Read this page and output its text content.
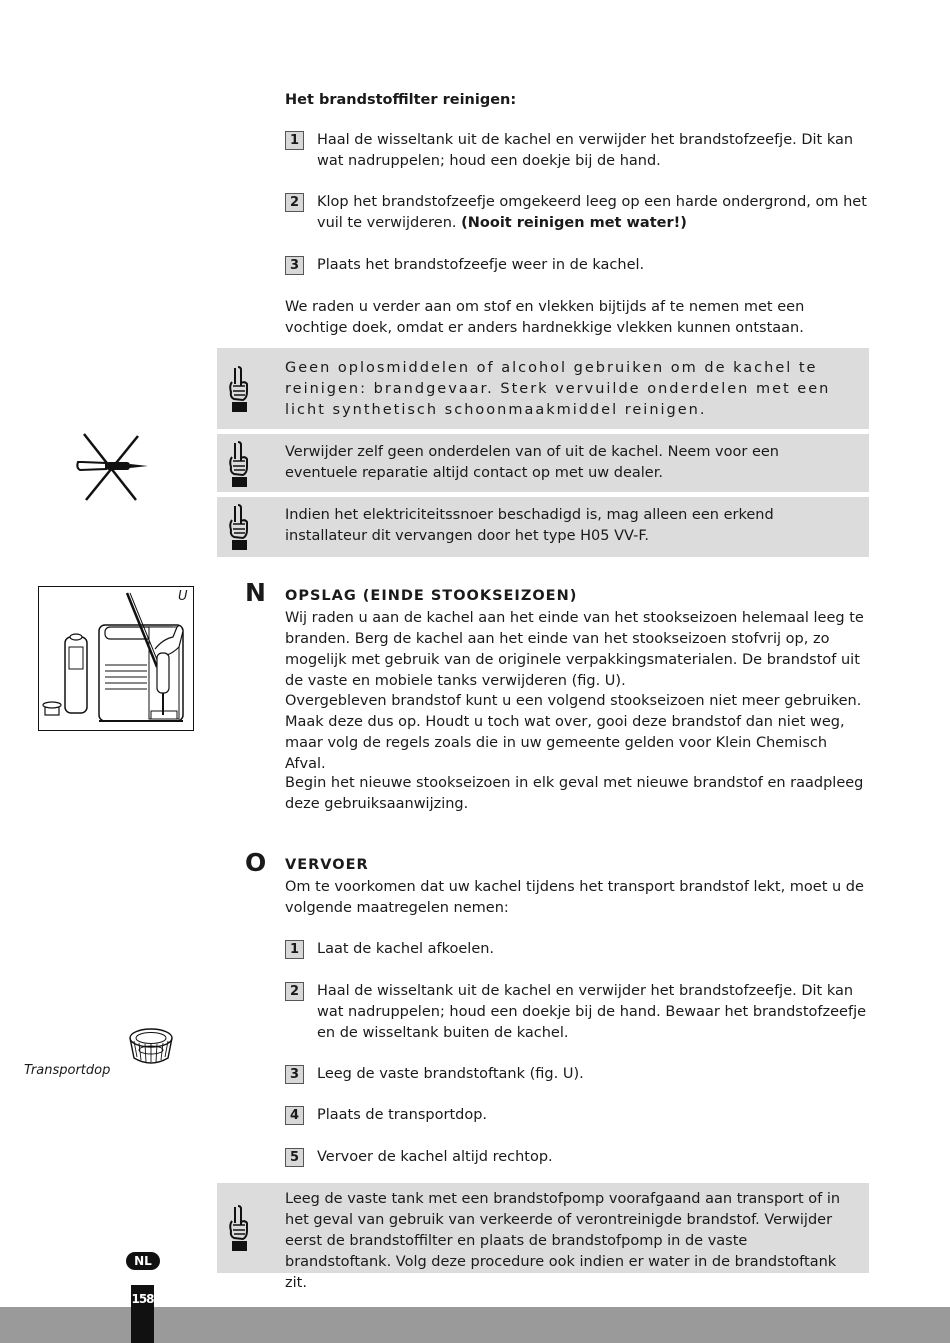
Het brandstoffilter reinigen:
1	Haal de wisseltank uit de kachel en verwijder het brandstofzeefje. Dit kan wat nadruppelen; houd een doekje bij de hand.
2	Klop het brandstofzeefje omgekeerd leeg op een harde ondergrond, om het vuil te verwijderen. (Nooit reinigen met water!)
3	Plaats het brandstofzeefje weer in de kachel.
We raden u verder aan om stof en vlekken bijtijds af te nemen met een vochtige doek, omdat er anders hardnekkige vlekken kunnen ontstaan.
Geen oplosmiddelen of alcohol gebruiken om de kachel te reinigen: brandgevaar. Sterk vervuilde onderdelen met een licht synthetisch schoonmaakmiddel reinigen.
Verwijder zelf geen onderdelen van of uit de kachel. Neem voor een eventuele reparatie altijd contact op met uw dealer.
Indien het elektriciteitssnoer beschadigd is, mag alleen een erkend installateur dit vervangen door het type H05 VV-F.
U N OPSLAG (EINDE STOOKSEIZOEN)
Wij raden u aan de kachel aan het einde van het stookseizoen helemaal leeg te branden. Berg de kachel aan het einde van het stookseizoen stofvrij op, zo mogelijk met gebruik van de originele verpakkingsmaterialen. De brandstof uit de vaste en mobiele tanks verwijderen (fig. U).
Overgebleven brandstof kunt u een volgend stookseizoen niet meer gebruiken. Maak deze dus op. Houdt u toch wat over, gooi deze brandstof dan niet weg, maar volg de regels zoals die in uw gemeente gelden voor Klein Chemisch Afval.
Begin het nieuwe stookseizoen in elk geval met nieuwe brandstof en raadpleeg deze gebruiksaanwijzing.
O VERVOER
Om te voorkomen dat uw kachel tijdens het transport brandstof lekt, moet u de volgende maatregelen nemen:
1	Laat de kachel afkoelen.
2	Haal de wisseltank uit de kachel en verwijder het brandstofzeefje. Dit kan wat nadruppelen; houd een doekje bij de hand. Bewaar het brandstofzeefje en de wisseltank buiten de kachel.
3	Leeg de vaste brandstoftank (fig. U).
4	Plaats de transportdop.
5	Vervoer de kachel altijd rechtop.
Transportdop
Leeg de vaste tank met een brandstofpomp voorafgaand aan transport of in het geval van gebruik van verkeerde of verontreinigde brandstof. Verwijder eerst de brandstoffilter en plaats de brandstofpomp in de vaste brandstoftank. Volg deze procedure ook indien er water in de brandstoftank zit.
NL
158
